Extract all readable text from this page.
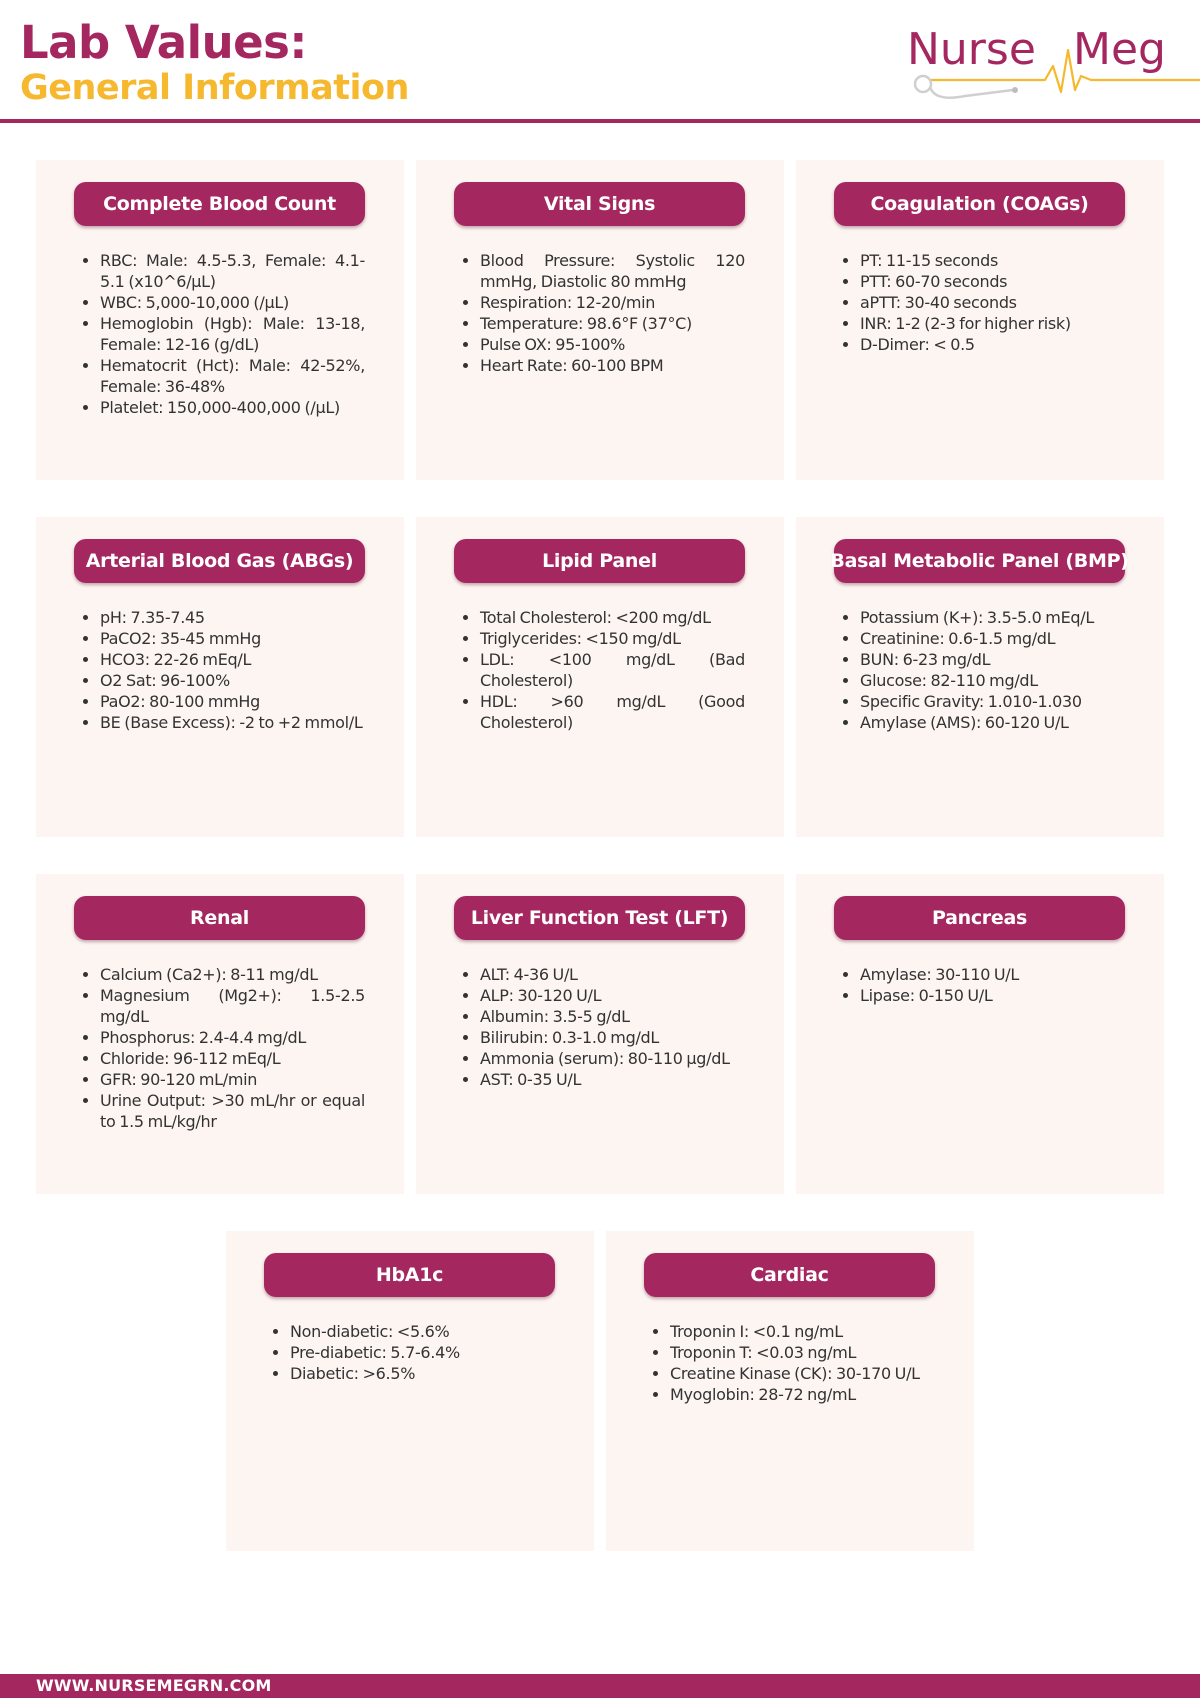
Lab Values:
General Information
Nurse Meg
Complete Blood Count
• RBC: Male: 4.5-5.3, Female: 4.1-5.1 (x10^6/μL)
• WBC: 5,000-10,000 (/μL)
• Hemoglobin (Hgb): Male: 13-18, Female: 12-16 (g/dL)
• Hematocrit (Hct): Male: 42-52%, Female: 36-48%
• Platelet: 150,000-400,000 (/μL)
Vital Signs
• Blood Pressure: Systolic 120 mmHg, Diastolic 80 mmHg
• Respiration: 12-20/min
• Temperature: 98.6°F (37°C)
• Pulse OX: 95-100%
• Heart Rate: 60-100 BPM
Coagulation (COAGs)
• PT: 11-15 seconds
• PTT: 60-70 seconds
• aPTT: 30-40 seconds
• INR: 1-2 (2-3 for higher risk)
• D-Dimer: < 0.5
Arterial Blood Gas (ABGs)
• pH: 7.35-7.45
• PaCO2: 35-45 mmHg
• HCO3: 22-26 mEq/L
• O2 Sat: 96-100%
• PaO2: 80-100 mmHg
• BE (Base Excess): -2 to +2 mmol/L
Lipid Panel
• Total Cholesterol: <200 mg/dL
• Triglycerides: <150 mg/dL
• LDL: <100 mg/dL (Bad Cholesterol)
• HDL: >60 mg/dL (Good Cholesterol)
Basal Metabolic Panel (BMP)
• Potassium (K+): 3.5-5.0 mEq/L
• Creatinine: 0.6-1.5 mg/dL
• BUN: 6-23 mg/dL
• Glucose: 82-110 mg/dL
• Specific Gravity: 1.010-1.030
• Amylase (AMS): 60-120 U/L
Renal
• Calcium (Ca2+): 8-11 mg/dL
• Magnesium (Mg2+): 1.5-2.5 mg/dL
• Phosphorus: 2.4-4.4 mg/dL
• Chloride: 96-112 mEq/L
• GFR: 90-120 mL/min
• Urine Output: >30 mL/hr or equal to 1.5 mL/kg/hr
Liver Function Test (LFT)
• ALT: 4-36 U/L
• ALP: 30-120 U/L
• Albumin: 3.5-5 g/dL
• Bilirubin: 0.3-1.0 mg/dL
• Ammonia (serum): 80-110 μg/dL
• AST: 0-35 U/L
Pancreas
• Amylase: 30-110 U/L
• Lipase: 0-150 U/L
HbA1c
• Non-diabetic: <5.6%
• Pre-diabetic: 5.7-6.4%
• Diabetic: >6.5%
Cardiac
• Troponin I: <0.1 ng/mL
• Troponin T: <0.03 ng/mL
• Creatine Kinase (CK): 30-170 U/L
• Myoglobin: 28-72 ng/mL

WWW.NURSEMEGRN.COM
